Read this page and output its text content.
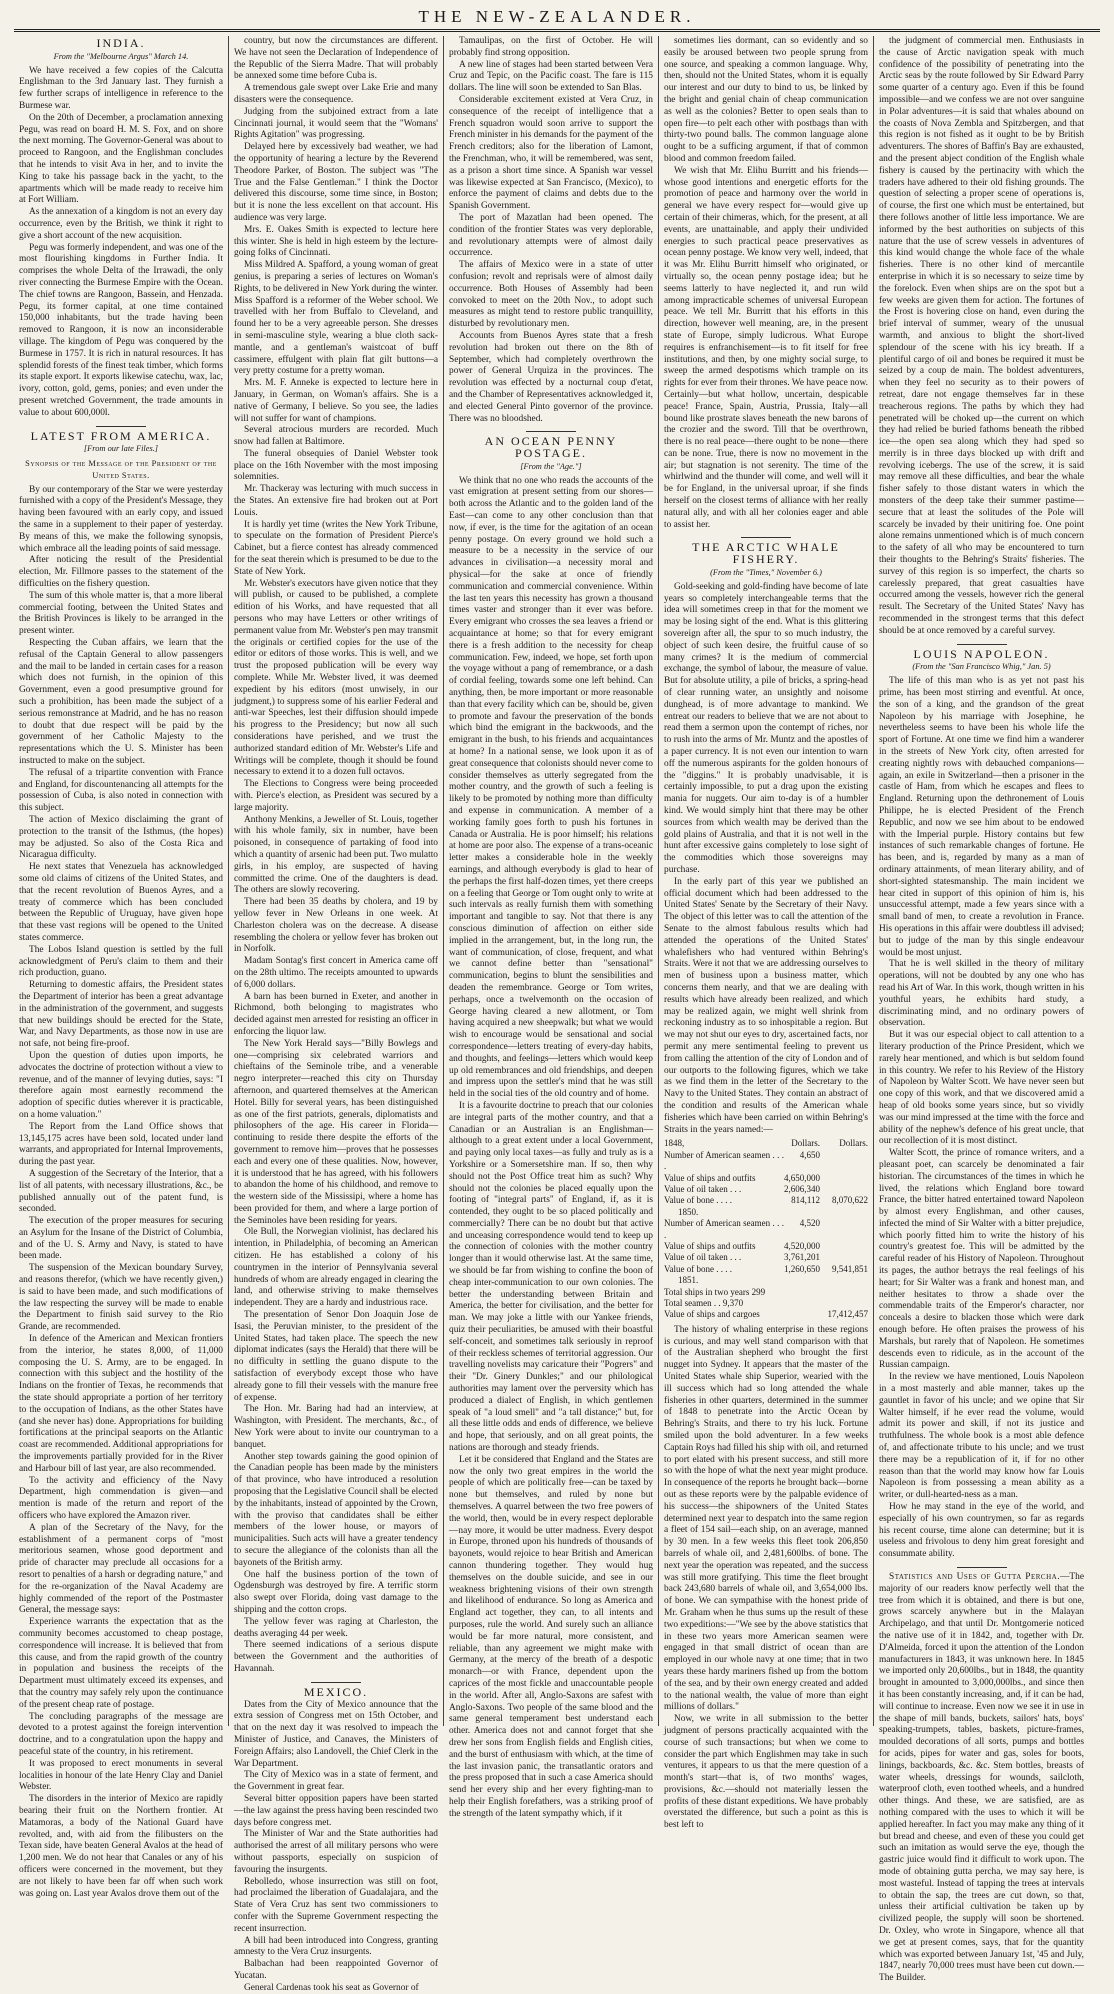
THE NEW-ZEALANDER.
INDIA.
From the "Melbourne Argus" March 14.

We have received a few copies of the Calcutta Englishman to the 3rd January last. They furnish a few further scraps of intelligence in reference to the Burmese war.

On the 20th of December, a proclamation annexing Pegu, was read on board H. M. S. Fox, and on shore the next morning. The Governor-General was about to proceed to Rangoon, and the Englishman concludes that he intends to visit Ava in her, and to invite the King to take his passage back in the yacht, to the apartments which will be made ready to receive him at Fort William.

As the annexation of a kingdom is not an every day occurrence, even by the British, we think it right to give a short account of the new acquisition.

Pegu was formerly independent, and was one of the most flourishing kingdoms in Further India. It comprises the whole Delta of the Irrawadi, the only river connecting the Burmese Empire with the Ocean. The chief towns are Rangoon, Bassein, and Henzada. Pegu, its former capital, at one time contained 150,000 inhabitants, but the trade having been removed to Rangoon, it is now an inconsiderable village. The kingdom of Pegu was conquered by the Burmese in 1757. It is rich in natural resources. It has splendid forests of the finest teak timber, which forms its staple export. It exports likewise catechu, wax, lac, ivory, cotton, gold, gems, ponies; and even under the present wretched Government, the trade amounts in value to about 600,000l.

LATEST FROM AMERICA.
[From our late Files.]
Synopsis of the Message of the President of the United States.

By our contemporary of the Star we were yesterday furnished with a copy of the President's Message, they having been favoured with an early copy, and issued the same in a supplement to their paper of yesterday. By means of this, we make the following synopsis, which embrace all the leading points of said message.

After noticing the result of the Presidential election, Mr. Fillmore passes to the statement of the difficulties on the fishery question.

The sum of this whole matter is, that a more liberal commercial footing, between the United States and the British Provinces is likely to be arranged in the present winter.

Respecting the Cuban affairs, we learn that the refusal of the Captain General to allow passengers and the mail to be landed in certain cases for a reason which does not furnish, in the opinion of this Government, even a good presumptive ground for such a prohibition, has been made the subject of a serious remonstrance at Madrid, and he has no reason to doubt that due respect will be paid by the government of her Catholic Majesty to the representations which the U. S. Minister has been instructed to make on the subject.

The refusal of a tripartite convention with France and England, for discountenancing all attempts for the possession of Cuba, is also noted in connection with this subject.

The action of Mexico disclaiming the grant of protection to the transit of the Isthmus, (the hopes) may be adjusted. So also of the Costa Rica and Nicaragua difficulty.

He next states that Venezuela has acknowledged some old claims of citizens of the United States, and that the recent revolution of Buenos Ayres, and a treaty of commerce which has been concluded between the Republic of Uruguay, have given hope that these vast regions will be opened to the United states commerce.

The Lobos Island question is settled by the full acknowledgment of Peru's claim to them and their rich production, guano.

Returning to domestic affairs, the President states the Department of interior has been a great advantage in the administration of the government, and suggests that new buildings should be erected for the State, War, and Navy Departments, as those now in use are not safe, not being fire-proof.

Upon the question of duties upon imports, he advocates the doctrine of protection without a view to revenue, and of the manner of levying duties, says: "I therefore again most earnestly recommend the adoption of specific duties wherever it is practicable, on a home valuation."

The Report from the Land Office shows that 13,145,175 acres have been sold, located under land warrants, and appropriated for Internal Improvements, during the past year.

A suggestion of the Secretary of the Interior, that a list of all patents, with necessary illustrations, &c., be published annually out of the patent fund, is seconded.

The execution of the proper measures for securing an Asylum for the Insane of the District of Columbia, and of the U. S. Army and Navy, is stated to have been made.

The suspension of the Mexican boundary Survey, and reasons therefor, (which we have recently given,) is said to have been made, and such modifications of the law respecting the survey will be made to enable the Department to finish said survey to the Rio Grande, are recommended.

In defence of the American and Mexican frontiers from the interior, he states 8,000, of 11,000 composing the U. S. Army, are to be engaged. In connection with this subject and the hostility of the Indians on the frontier of Texas, he recommends that the state should appropriate a portion of her territory to the occupation of Indians, as the other States have (and she never has) done. Appropriations for building fortifications at the principal seaports on the Atlantic coast are recommended. Additional appropriations for the improvements partially provided for in the River and Harbour bill of last year, are also recommended.

To the activity and efficiency of the Navy Department, high commendation is given—and mention is made of the return and report of the officers who have explored the Amazon river.

A plan of the Secretary of the Navy, for the establishment of a permanent corps of "most meritorious seamen, whose good deportment and pride of character may preclude all occasions for a resort to penalties of a harsh or degrading nature," and for the re-organization of the Naval Academy are highly commended of the report of the Postmaster General, the message says:

Experience warrants the expectation that as the community becomes accustomed to cheap postage, correspondence will increase. It is believed that from this cause, and from the rapid growth of the country in population and business the receipts of the Department must ultimately exceed its expenses, and that the country may safely rely upon the continuance of the present cheap rate of postage.

The concluding paragraphs of the message are devoted to a protest against the foreign intervention doctrine, and to a congratulation upon the happy and peaceful state of the country, in his retirement.

It was proposed to erect monuments in several localities in honour of the late Henry Clay and Daniel Webster.

The disorders in the interior of Mexico are rapidly bearing their fruit on the Northern frontier. At Matamoras, a body of the National Guard have revolted, and, with aid from the filibusters on the Texan side, have beaten General Avalos at the head of 1,200 men. We do not hear that Canales or any of his officers were concerned in the movement, but they are not likely to have been far off when such work was going on. Last year Avalos drove them out of the

country, but now the circumstances are different. We have not seen the Declaration of Independence of the Republic of the Sierra Madre. That will probably be annexed some time before Cuba is.

A tremendous gale swept over Lake Erie and many disasters were the consequence.

Judging from the subjoined extract from a late Cincinnati journal, it would seem that the "Womans' Rights Agitation" was progressing.

Delayed here by excessively bad weather, we had the opportunity of hearing a lecture by the Reverend Theodore Parker, of Boston. The subject was "The True and the False Gentleman." I think the Doctor delivered this discourse, some time since, in Boston; but it is none the less excellent on that account. His audience was very large.

Mrs. E. Oakes Smith is expected to lecture here this winter. She is held in high esteem by the lecture-going folks of Cincinnati.

Miss Mildred A. Spafford, a young woman of great genius, is preparing a series of lectures on Woman's Rights, to be delivered in New York during the winter. Miss Spafford is a reformer of the Weber school. We travelled with her from Buffalo to Cleveland, and found her to be a very agreeable person. She dresses in semi-masculine style, wearing a blue cloth sack-mantle, and a gentleman's waistcoat of buff cassimere, effulgent with plain flat gilt buttons—a very pretty costume for a pretty woman.

Mrs. M. F. Anneke is expected to lecture here in January, in German, on Woman's affairs. She is a native of Germany, I believe. So you see, the ladies will not suffer for want of champions.

Several atrocious murders are recorded. Much snow had fallen at Baltimore.

The funeral obsequies of Daniel Webster took place on the 16th November with the most imposing solemnities.

Mr. Thackeray was lecturing with much success in the States. An extensive fire had broken out at Port Louis.

It is hardly yet time (writes the New York Tribune, to speculate on the formation of President Pierce's Cabinet, but a fierce contest has already commenced for the seat therein which is presumed to be due to the State of New York.

Mr. Webster's executors have given notice that they will publish, or caused to be published, a complete edition of his Works, and have requested that all persons who may have Letters or other writings of permanent value from Mr. Webster's pen may transmit the originals or certified copies for the use of the editor or editors of those works. This is well, and we trust the proposed publication will be every way complete. While Mr. Webster lived, it was deemed expedient by his editors (most unwisely, in our judgment,) to suppress some of his earlier Federal and anti-war Speeches, lest their diffusion should impede his progress to the Presidency; but now all such considerations have perished, and we trust the authorized standard edition of Mr. Webster's Life and Writings will be complete, though it should be found necessary to extend it to a dozen full octavos.

The Elections to Congress were being proceeded with. Pierce's election, as President was secured by a large majority.

Anthony Menkins, a Jeweller of St. Louis, together with his whole family, six in number, have been poisoned, in consequence of partaking of food into which a quantity of arsenic had been put. Two mulatto girls, in his employ, are suspected of having committed the crime. One of the daughters is dead. The others are slowly recovering.

There had been 35 deaths by cholera, and 19 by yellow fever in New Orleans in one week. At Charleston cholera was on the decrease. A disease resembling the cholera or yellow fever has broken out in Norfolk.

Madam Sontag's first concert in America came off on the 28th ultimo. The receipts amounted to upwards of 6,000 dollars.

A barn has been burned in Exeter, and another in Richmond, both belonging to magistrates who decided against men arrested for resisting an officer in enforcing the liquor law.

The New York Herald says—"Billy Bowlegs and one—comprising six celebrated warriors and chieftains of the Seminole tribe, and a venerable negro interpreter—reached this city on Thursday afternoon, and quartered themselves at the American Hotel. Billy for several years, has been distinguished as one of the first patriots, generals, diplomatists and philosophers of the age. His career in Florida—continuing to reside there despite the efforts of the government to remove him—proves that he possesses each and every one of these qualities. Now, however, it is understood that he has agreed, with his followers to abandon the home of his childhood, and remove to the western side of the Mississipi, where a home has been provided for them, and where a large portion of the Seminoles have been residing for years.

Ole Bull, the Norwegian violinist, has declared his intention, in Philadelphia, of becoming an American citizen. He has established a colony of his countrymen in the interior of Pennsylvania several hundreds of whom are already engaged in clearing the land, and otherwise striving to make themselves independent. They are a hardy and industrious race.

The presentation of Senor Don Joaquin Jose de Isasi, the Peruvian minister, to the president of the United States, had taken place. The speech the new diplomat indicates (says the Herald) that there will be no difficulty in settling the guano dispute to the satisfaction of everybody except those who have already gone to fill their vessels with the manure free of expense.

The Hon. Mr. Baring had had an interview, at Washington, with President. The merchants, &c., of New York were about to invite our countryman to a banquet.

Another step towards gaining the good opinion of the Canadian people has been made by the ministers of that province, who have introduced a resolution proposing that the Legislative Council shall be elected by the inhabitants, instead of appointed by the Crown, with the proviso that candidates shall be either members of the lower house, or mayors of municipalities. Such acts will have a greater tendency to secure the allegiance of the colonists than all the bayonets of the British army.

One half the business portion of the town of Ogdensburgh was destroyed by fire. A terrific storm also swept over Florida, doing vast damage to the shipping and the cotton crops.

The yellow fever was raging at Charleston, the deaths averaging 44 per week.

There seemed indications of a serious dispute between the Government and the authorities of Havannah.

MEXICO.

Dates from the City of Mexico announce that the extra session of Congress met on 15th October, and that on the next day it was resolved to impeach the Minister of Justice, and Canaves, the Ministers of Foreign Affairs; also Landovell, the Chief Clerk in the War Department.

The City of Mexico was in a state of ferment, and the Government in great fear.

Several bitter opposition papers have been started—the law against the press having been rescinded two days before congress met.

The Minister of War and the State authorities had authorised the arrest of all military persons who were without passports, especially on suspicion of favouring the insurgents.

Rebolledo, whose insurrection was still on foot, had proclaimed the liberation of Guadalajara, and the State of Vera Cruz has sent two commissioners to confer with the Supreme Government respecting the recent insurrection.

A bill had been introduced into Congress, granting amnesty to the Vera Cruz insurgents.

Balbachan had been reappointed Governor of Yucatan.

General Cardenas took his seat as Governor of

Tamaulipas, on the first of October. He will probably find strong opposition.

A new line of stages had been started between Vera Cruz and Tepic, on the Pacific coast. The fare is 115 dollars. The line will soon be extended to San Blas.

Considerable excitement existed at Vera Cruz, in consequence of the receipt of intelligence that a French squadron would soon arrive to support the French minister in his demands for the payment of the French creditors; also for the liberation of Lamont, the Frenchman, who, it will be remembered, was sent, as a prison a short time since. A Spanish war vessel was likewise expected at San Francisco, (Mexico), to enforce the payment of claims and debts due to the Spanish Government.

The port of Mazatlan had been opened. The condition of the frontier States was very deplorable, and revolutionary attempts were of almost daily occurrence.

The affairs of Mexico were in a state of utter confusion; revolt and reprisals were of almost daily occurrence. Both Houses of Assembly had been convoked to meet on the 20th Nov., to adopt such measures as might tend to restore public tranquillity, disturbed by revolutionary men.

Accounts from Buenos Ayres state that a fresh revolution had broken out there on the 8th of September, which had completely overthrown the power of General Urquiza in the provinces. The revolution was effected by a nocturnal coup d'etat, and the Chamber of Representatives acknowledged it, and elected General Pinto governor of the province. There was no bloodshed.

AN OCEAN PENNY POSTAGE.
[From the "Age."]

We think that no one who reads the accounts of the vast emigration at present setting from our shores—both across the Atlantic and to the golden land of the East—can come to any other conclusion than that now, if ever, is the time for the agitation of an ocean penny postage. On every ground we hold such a measure to be a necessity in the service of our advances in civilisation—a necessity moral and physical—for the sake at once of friendly communication and commercial convenience. Within the last ten years this necessity has grown a thousand times vaster and stronger than it ever was before. Every emigrant who crosses the sea leaves a friend or acquaintance at home; so that for every emigrant there is a fresh addition to the necessity for cheap communication. Few, indeed, we hope, set forth upon the voyage without a pang of remembrance, or a dash of cordial feeling, towards some one left behind. Can anything, then, be more important or more reasonable than that every facility which can be, should be, given to promote and favour the preservation of the bonds which bind the emigrant in the backwoods, and the emigrant in the bush, to his friends and acquaintances at home? In a national sense, we look upon it as of great consequence that colonists should never come to consider themselves as utterly segregated from the mother country, and the growth of such a feeling is likely to be promoted by nothing more than difficulty and expense in communication. A member of a working family goes forth to push his fortunes in Canada or Australia. He is poor himself; his relations at home are poor also. The expense of a trans-oceanic letter makes a considerable hole in the weekly earnings, and although everybody is glad to hear of the perhaps the first half-dozen times, yet there creeps on a feeling that George or Tom ought only to write at such intervals as really furnish them with something important and tangible to say. Not that there is any conscious diminution of affection on either side implied in the arrangement, but, in the long run, the want of communication, of close, frequent, and what we cannot define better than "sensational" communication, begins to blunt the sensibilities and deaden the remembrance. George or Tom writes, perhaps, once a twelvemonth on the occasion of George having cleared a new allotment, or Tom having acquired a new sheepwalk; but what we would wish to encourage would be sensational and social correspondence—letters treating of every-day habits, and thoughts, and feelings—letters which would keep up old remembrances and old friendships, and deepen and impress upon the settler's mind that he was still held in the social ties of the old country and of home.

It is a favourite doctrine to preach that our colonies are integral parts of the mother country, and that a Canadian or an Australian is an Englishman—although to a great extent under a local Government, and paying only local taxes—as fully and truly as is a Yorkshire or a Somersetshire man. If so, then why should not the Post Office treat him as such? Why should not the colonies be placed equally upon the footing of "integral parts" of England, if, as it is contended, they ought to be so placed politically and commercially? There can be no doubt but that active and unceasing correspondence would tend to keep up the connection of colonies with the mother country longer than it would otherwise last. At the same time, we should be far from wishing to confine the boon of cheap inter-communication to our own colonies. The better the understanding between Britain and America, the better for civilisation, and the better for man. We may joke a little with our Yankee friends, quiz their peculiarities, be amused with their boastful self-conceit, and sometimes talk seriously in reproof of their reckless schemes of territorial aggression. Our travelling novelists may caricature their "Pogrers" and their "Dr. Ginery Dunkles;" and our philological authorities may lament over the perversity which has produced a dialect of English, in which gentlemen speak of "a loud smell" and "a tall distance;" but, for all these little odds and ends of difference, we believe and hope, that seriously, and on all great points, the nations are thorough and steady friends.

Let it be considered that England and the States are now the only two great empires in the world the people of which are politically free—can be taxed by none but themselves, and ruled by none but themselves. A quarrel between the two free powers of the world, then, would be in every respect deplorable—nay more, it would be utter madness. Every despot in Europe, throned upon his hundreds of thousands of bayonets, would rejoice to hear British and American cannon thundering together. They would hug themselves on the double suicide, and see in our weakness brightening visions of their own strength and likelihood of endurance. So long as America and England act together, they can, to all intents and purposes, rule the world. And surely such an alliance would be far more natural, more consistent, and reliable, than any agreement we might make with Germany, at the mercy of the breath of a despotic monarch—or with France, dependent upon the caprices of the most fickle and unaccountable people in the world. After all, Anglo-Saxons are safest with Anglo-Saxons. Two people of the same blood and the same general temperament best understand each other. America does not and cannot forget that she drew her sons from English fields and English cities, and the burst of enthusiasm with which, at the time of the last invasion panic, the transatlantic orators and the press proposed that in such a case America should send her every ship and her every fighting-man to help their English forefathers, was a striking proof of the strength of the latent sympathy which, if it

sometimes lies dormant, can so evidently and so easily be aroused between two people sprung from one source, and speaking a common language. Why, then, should not the United States, whom it is equally our interest and our duty to bind to us, be linked by the bright and genial chain of cheap communication as well as the colonies? Better to open seals than to open fire—to pelt each other with postbags than with thirty-two pound balls. The common language alone ought to be a sufficing argument, if that of common blood and common freedom failed.

We wish that Mr. Elihu Burritt and his friends—whose good intentions and energetic efforts for the promotion of peace and harmony over the world in general we have every respect for—would give up certain of their chimeras, which, for the present, at all events, are unattainable, and apply their undivided energies to such practical peace preservatives as ocean penny postage. We know very well, indeed, that it was Mr. Elihu Burritt himself who originated, or virtually so, the ocean penny postage idea; but he seems latterly to have neglected it, and run wild among impracticable schemes of universal European peace. We tell Mr. Burritt that his efforts in this direction, however well meaning, are, in the present state of Europe, simply ludicrous. What Europe requires is enfranchisement—is to fit itself for free institutions, and then, by one mighty social surge, to sweep the armed despotisms which trample on its rights for ever from their thrones. We have peace now. Certainly—but what hollow, uncertain, despicable peace! France, Spain, Austria, Prussia, Italy—all bound like prostrate slaves beneath the new barons of the crozier and the sword. Till that be overthrown, there is no real peace—there ought to be none—there can be none. True, there is now no movement in the air; but stagnation is not serenity. The time of the whirlwind and the thunder will come, and well will it be for England, in the universal uproar, if she finds herself on the closest terms of alliance with her really natural ally, and with all her colonies eager and able to assist her.

THE ARCTIC WHALE FISHERY.
(From the "Times," November 6.)

Gold-seeking and gold-finding have become of late years so completely interchangeable terms that the idea will sometimes creep in that for the moment we may be losing sight of the end. What is this glittering sovereign after all, the spur to so much industry, the object of such keen desire, the fruitful cause of so many crimes? It is the medium of commercial exchange, the symbol of labour, the measure of value. But for absolute utility, a pile of bricks, a spring-head of clear running water, an unsightly and noisome dunghead, is of more advantage to mankind. We entreat our readers to believe that we are not about to read them a sermon upon the contempt of riches, nor to rush into the arms of Mr. Muntz and the apostles of a paper currency. It is not even our intention to warn off the numerous aspirants for the golden honours of the "diggins." It is probably unadvisable, it is certainly impossible, to put a drag upon the existing mania for nuggets. Our aim to-day is of a humbler kind. We would simply hint that there may be other sources from which wealth may be derived than the gold plains of Australia, and that it is not well in the hunt after excessive gains completely to lose sight of the commodities which those sovereigns may purchase.

In the early part of this year we published an official document which had been addressed to the United States' Senate by the Secretary of their Navy. The object of this letter was to call the attention of the Senate to the almost fabulous results which had attended the operations of the United States' whalefishers who had ventured within Behring's Straits. Were it not that we are addressing ourselves to men of business upon a business matter, which concerns them nearly, and that we are dealing with results which have already been realized, and which may be realized again, we might well shrink from reckoning industry as to so inhospitable a region. But we may not shut our eyes to dry, ascertained facts, nor permit any mere sentimental feeling to prevent us from calling the attention of the city of London and of our outports to the following figures, which we take as we find them in the letter of the Secretary to the Navy to the United States. They contain an abstract of the condition and results of the American whale fisheries which have been carried on within Behring's Straits in the years named:—

1848,	Dollars.	Dollars.
Number of American seamen . . . .	4,650	
Value of ships and outfits	4,650,000	
Value of oil taken . . .	2,606,340	
Value of bone . . . .	814,112	8,070,622
1850.		
Number of American seamen . . . .	4,520	
Value of ships and outfits	4,520,000	
Value of oil taken . . .	3,761,201	
Value of bone . . . .	1,260,650	9,541,851
1851.		
Total ships in two years 299		
Total seamen . . 9,370		
Value of ships and cargoes		17,412,457

The history of whaling enterprise in these regions is curious, and may well stand comparison with that of the Australian shepherd who brought the first nugget into Sydney. It appears that the master of the United States whale ship Superior, wearied with the ill success which had so long attended the whale fisheries in other quarters, determined in the summer of 1848 to penetrate into the Arctic Ocean by Behring's Straits, and there to try his luck. Fortune smiled upon the bold adventurer. In a few weeks Captain Roys had filled his ship with oil, and returned to port elated with his present success, and still more so with the hope of what the next year might produce. In consequence of the reports he brought back—borne out as these reports were by the palpable evidence of his success—the shipowners of the United States determined next year to despatch into the same region a fleet of 154 sail—each ship, on an average, manned by 30 men. In a few weeks this fleet took 206,850 barrels of whale oil, and 2,481,600lbs. of bone. The next year the operation was repeated, and the success was still more gratifying. This time the fleet brought back 243,680 barrels of whale oil, and 3,654,000 lbs. of bone. We can sympathise with the honest pride of Mr. Graham when he thus sums up the result of these two expeditions:—"We see by the above statistics that in these two years more American seamen were engaged in that small district of ocean than are employed in our whole navy at one time; that in two years these hardy mariners fished up from the bottom of the sea, and by their own energy created and added to the national wealth, the value of more than eight millions of dollars."

Now, we write in all submission to the better judgment of persons practically acquainted with the course of such transactions; but when we come to consider the part which Englishmen may take in such ventures, it appears to us that the mere question of a month's start—that is, of two months' wages, provisions, &c.—should not materially lessen the profits of these distant expeditions. We have probably overstated the difference, but such a point as this is best left to

the judgment of commercial men. Enthusiasts in the cause of Arctic navigation speak with much confidence of the possibility of penetrating into the Arctic seas by the route followed by Sir Edward Parry some quarter of a century ago. Even if this be found impossible—and we confess we are not over sanguine in Polar adventures—it is said that whales abound on the coasts of Nova Zembla and Spitzbergen, and that this region is not fished as it ought to be by British adventurers. The shores of Baffin's Bay are exhausted, and the present abject condition of the English whale fishery is caused by the pertinacity with which the traders have adhered to their old fishing grounds. The question of selecting a proper scene of operations is, of course, the first one which must be entertained, but there follows another of little less importance. We are informed by the best authorities on subjects of this nature that the use of screw vessels in adventures of this kind would change the whole face of the whale fisheries. There is no other kind of mercantile enterprise in which it is so necessary to seize time by the forelock. Even when ships are on the spot but a few weeks are given them for action. The fortunes of the Frost is hovering close on hand, even during the brief interval of summer, weary of the unusual warmth, and anxious to blight the short-lived splendour of the scene with his icy breath. If a plentiful cargo of oil and bones be required it must be seized by a coup de main. The boldest adventurers, when they feel no security as to their powers of retreat, dare not engage themselves far in these treacherous regions. The paths by which they had penetrated will be choked up—the current on which they had relied be buried fathoms beneath the ribbed ice—the open sea along which they had sped so merrily is in three days blocked up with drift and revolving icebergs. The use of the screw, it is said may remove all these difficulties, and bear the whale fisher safely to those distant waters in which the monsters of the deep take their summer pastime—secure that at least the solitudes of the Pole will scarcely be invaded by their unitiring foe. One point alone remains unmentioned which is of much concern to the safety of all who may be encountered to turn their thoughts to the Behring's Straits' fisheries. The survey of this region is so imperfect, the charts so carelessly prepared, that great casualties have occurred among the vessels, however rich the general result. The Secretary of the United States' Navy has recommended in the strongest terms that this defect should be at once removed by a careful survey.

LOUIS NAPOLEON.
(From the "San Francisco Whig," Jan. 5)

The life of this man who is as yet not past his prime, has been most stirring and eventful. At once, the son of a king, and the grandson of the great Napoleon by his marriage with Josephine, he nevertheless seems to have been his whole life the sport of Fortune. At one time we find him a wanderer in the streets of New York city, often arrested for creating nightly rows with debauched companions—again, an exile in Switzerland—then a prisoner in the castle of Ham, from which he escapes and flees to England. Returning upon the dethronement of Louis Philippe, he is elected President of the French Republic, and now we see him about to be endowed with the Imperial purple. History contains but few instances of such remarkable changes of fortune. He has been, and is, regarded by many as a man of ordinary attainments, of mean literary ability, and of short-sighted statesmanship. The main incident we hear cited in support of this opinion of him is, his unsuccessful attempt, made a few years since with a small band of men, to create a revolution in France. His operations in this affair were doubtless ill advised; but to judge of the man by this single endeavour would be most unjust.

That he is well skilled in the theory of military operations, will not be doubted by any one who has read his Art of War. In this work, though written in his youthful years, he exhibits hard study, a discriminating mind, and no ordinary powers of observation.

But it was our especial object to call attention to a literary production of the Prince President, which we rarely hear mentioned, and which is but seldom found in this country. We refer to his Review of the History of Napoleon by Walter Scott. We have never seen but one copy of this work, and that we discovered amid a heap of old books some years since, but so vividly was our mind impressed at the time with the force and ability of the nephew's defence of his great uncle, that our recollection of it is most distinct.

Walter Scott, the prince of romance writers, and a pleasant poet, can scarcely be denominated a fair historian. The circumstances of the times in which he lived, the relations which England bore toward France, the bitter hatred entertained toward Napoleon by almost every Englishman, and other causes, infected the mind of Sir Walter with a bitter prejudice, which poorly fitted him to write the history of his country's greatest foe. This will be admitted by the careful reader of his History of Napoleon. Throughout its pages, the author betrays the real feelings of his heart; for Sir Walter was a frank and honest man, and neither hesitates to throw a shade over the commendable traits of the Emperor's character, nor conceals a desire to blacken those which were dark enough before. He often praises the prowess of his Marshals, but rarely that of Napoleon. He sometimes descends even to ridicule, as in the account of the Russian campaign.

In the review we have mentioned, Louis Napoleon in a most masterly and able manner, takes up the gauntlet in favor of his uncle; and we opine that Sir Walter himself, if he ever read the volume, would admit its power and skill, if not its justice and truthfulness. The whole book is a most able defence of, and affectionate tribute to his uncle; and we trust there may be a republication of it, if for no other reason than that the world may know how far Louis Napoleon is from possessing a mean ability as a writer, or dull-hearted-ness as a man.

How he may stand in the eye of the world, and especially of his own countrymen, so far as regards his recent course, time alone can determine; but it is useless and frivolous to deny him great foresight and consummate ability.

Statistics and Uses of Gutta Percha.—The majority of our readers know perfectly well that the tree from which it is obtained, and there is but one, grows scarcely anywhere but in the Malayan Archipelago, and that until Dr. Montgomerie noticed the native use of it in 1842, and, together with Dr. D'Almeida, forced it upon the attention of the London manufacturers in 1843, it was unknown here. In 1845 we imported only 20,600lbs., but in 1848, the quantity brought in amounted to 3,000,000lbs., and since then it has been constantly increasing, and, if it can be had, will continue to increase. Even now we see it in use in the shape of mill bands, buckets, sailors' hats, boys' speaking-trumpets, tables, baskets, picture-frames, moulded decorations of all sorts, pumps and bottles for acids, pipes for water and gas, soles for boots, linings, backboards, &c. &c. Stem bottles, breasts of water wheels, dressings for wounds, sailcloth, waterproof cloth, even toothed wheels, and a hundred other things. And these, we are satisfied, are as nothing compared with the uses to which it will be applied hereafter. In fact you may make any thing of it but bread and cheese, and even of these you could get such an imitation as would serve the eye, though the gastric juice would find it difficult to work upon. The mode of obtaining gutta percha, we may say here, is most wasteful. Instead of tapping the trees at intervals to obtain the sap, the trees are cut down, so that, unless their artificial cultivation be taken up by civilized people, the supply will soon be shortened. Dr. Oxley, who wrote in Singapore, whence all that we get at present comes, says, that for the quantity which was exported between January 1st, '45 and July, 1847, nearly 70,000 trees must have been cut down.—The Builder.
